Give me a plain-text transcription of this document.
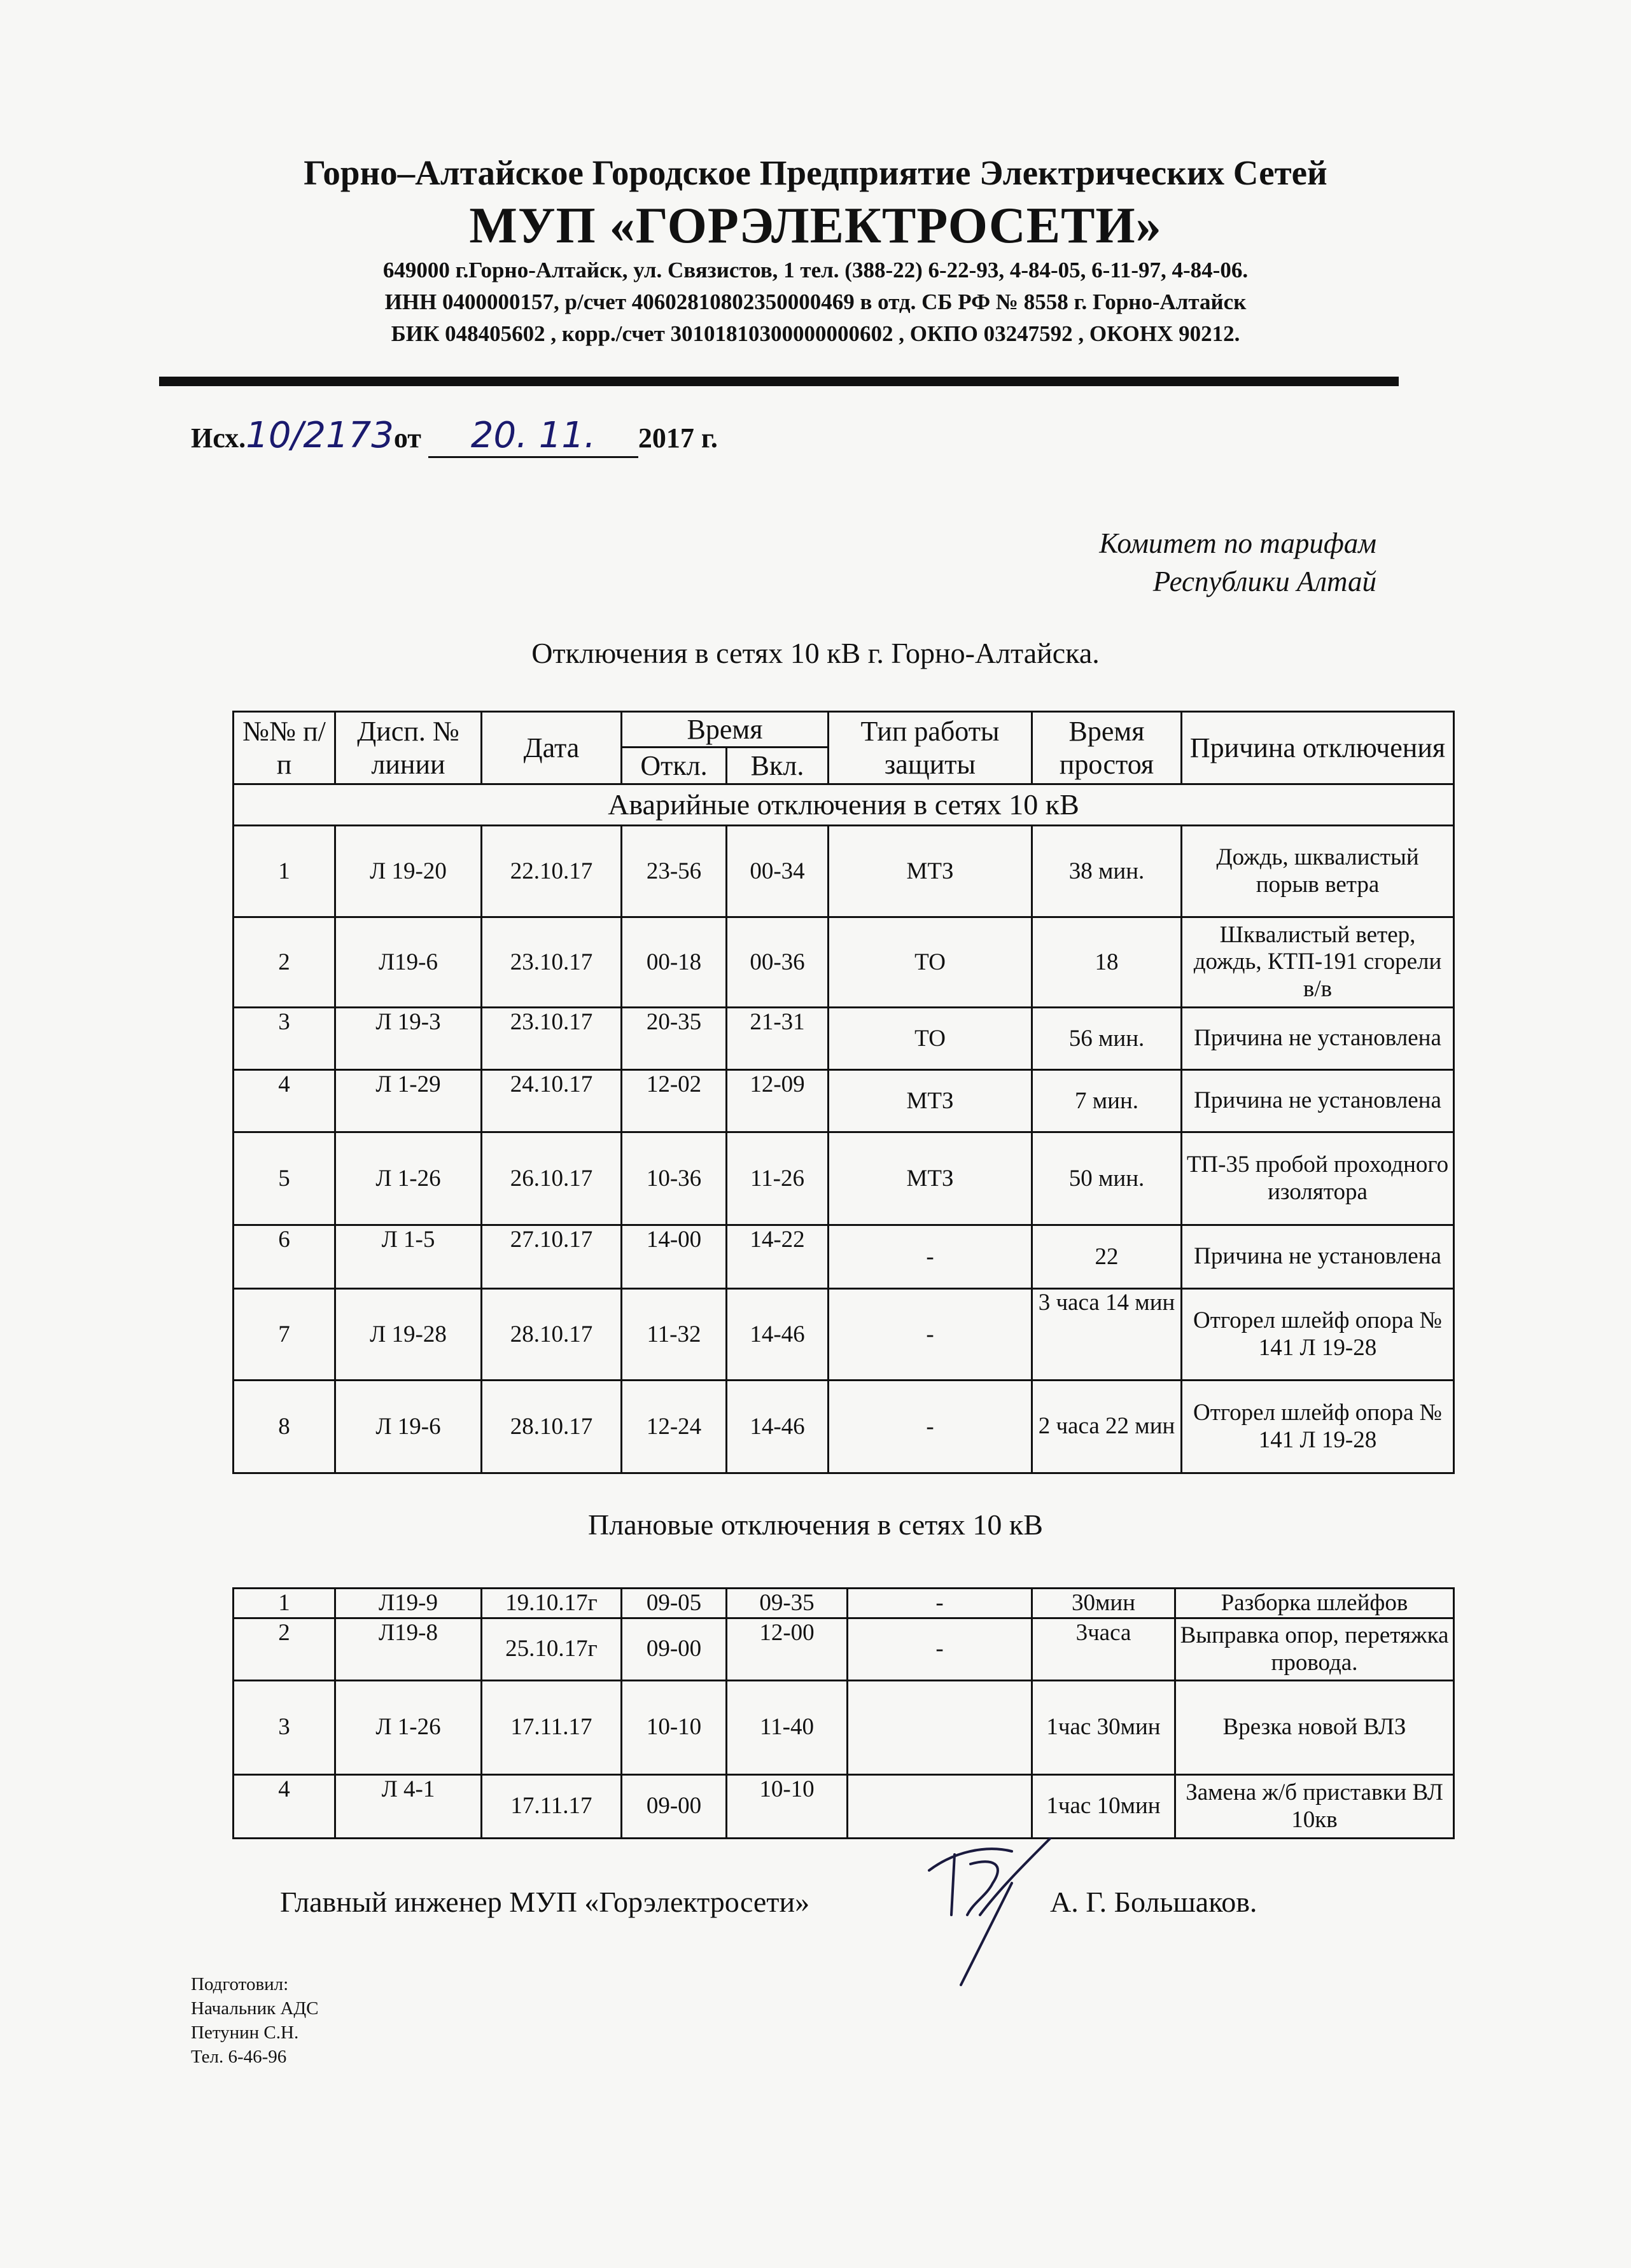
Горно–Алтайское Городское Предприятие Электрических Сетей
МУП «ГОРЭЛЕКТРОСЕТИ»
649000 г.Горно-Алтайск, ул. Связистов, 1 тел. (388-22) 6-22-93, 4-84-05, 6-11-97, 4-84-06.
ИНН 0400000157, р/счет 40602810802350000469 в отд. СБ РФ № 8558 г. Горно-Алтайск
БИК 048405602 , корр./счет 30101810300000000602 , ОКПО 03247592 , ОКОНХ 90212.
Исх.10/2173от 20. 11. 2017 г.
Комитет по тарифам
Республики Алтай
Отключения в сетях 10 кВ г. Горно-Алтайска.
№№ п/п	Дисп. № линии	Дата	Время		Тип работы защиты	Время простоя	Причина отключения
			Откл.	Вкл.			
Аварийные отключения в сетях 10 кВ							
1	Л 19-20	22.10.17	23-56	00-34	МТЗ	38 мин.	Дождь, шквалистый порыв ветра
2	Л19-6	23.10.17	00-18	00-36	ТО	18	Шквалистый ветер, дождь, КТП-191 сгорели в/в
3	Л 19-3	23.10.17	20-35	21-31	ТО	56 мин.	Причина не установлена
4	Л 1-29	24.10.17	12-02	12-09	МТЗ	7 мин.	Причина не установлена
5	Л 1-26	26.10.17	10-36	11-26	МТЗ	50 мин.	ТП-35 пробой проходного изолятора
6	Л 1-5	27.10.17	14-00	14-22	-	22	Причина не установлена
7	Л 19-28	28.10.17	11-32	14-46	-	3 часа 14 мин	Отгорел шлейф опора № 141 Л 19-28
8	Л 19-6	28.10.17	12-24	14-46	-	2 часа 22 мин	Отгорел шлейф опора № 141 Л 19-28
Плановые отключения в сетях 10 кВ
1	Л19-9	19.10.17г	09-05	09-35	-	30мин	Разборка шлейфов
2	Л19-8	25.10.17г	09-00	12-00	-	3часа	Выправка опор, перетяжка провода.
3	Л 1-26	17.11.17	10-10	11-40		1час 30мин	Врезка новой ВЛЗ
4	Л 4-1	17.11.17	09-00	10-10		1час 10мин	Замена ж/б приставки ВЛ 10кв
Главный инженер МУП «Горэлектросети»	А. Г. Большаков.
Подготовил:
Начальник АДС
Петунин С.Н.
Тел. 6-46-96
